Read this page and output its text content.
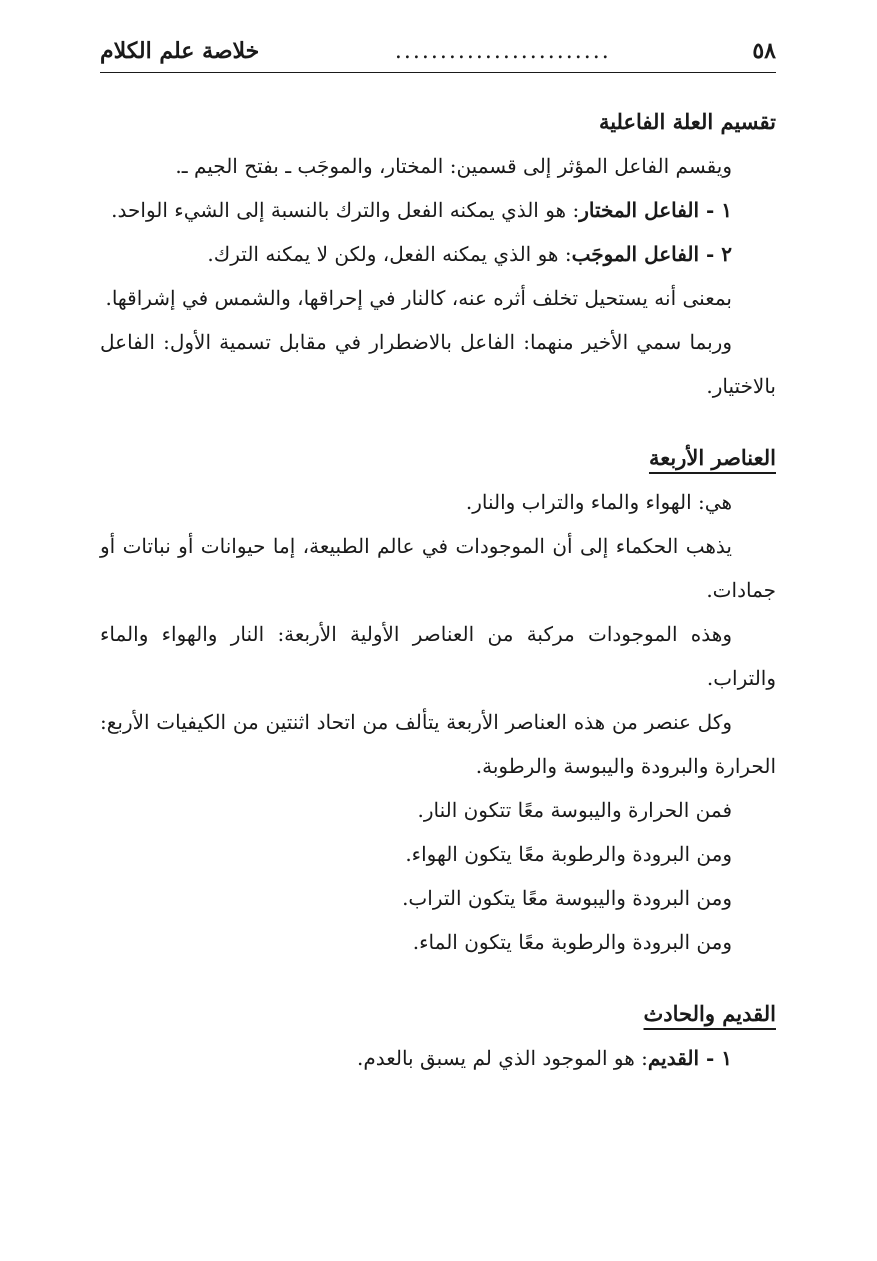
٥٨
........................
خلاصة علم الكلام
تقسيم العلة الفاعلية

ويقسم الفاعل المؤثر إلى قسمين: المختار، والموجَب ـ بفتح الجيم ـ.

١ - الفاعل المختار: هو الذي يمكنه الفعل والترك بالنسبة إلى الشيء الواحد.

٢ - الفاعل الموجَب: هو الذي يمكنه الفعل، ولكن لا يمكنه الترك.

بمعنى أنه يستحيل تخلف أثره عنه، كالنار في إحراقها، والشمس في إشراقها.

وربما سمي الأخير منهما: الفاعل بالاضطرار في مقابل تسمية الأول: الفاعل بالاختيار.

العناصر الأربعة

هي: الهواء والماء والتراب والنار.

يذهب الحكماء إلى أن الموجودات في عالم الطبيعة، إما حيوانات أو نباتات أو جمادات.

وهذه الموجودات مركبة من العناصر الأولية الأربعة: النار والهواء والماء والتراب.

وكل عنصر من هذه العناصر الأربعة يتألف من اتحاد اثنتين من الكيفيات الأربع: الحرارة والبرودة واليبوسة والرطوبة.

فمن الحرارة واليبوسة معًا تتكون النار.

ومن البرودة والرطوبة معًا يتكون الهواء.

ومن البرودة واليبوسة معًا يتكون التراب.

ومن البرودة والرطوبة معًا يتكون الماء.

القديم والحادث

١ - القديم: هو الموجود الذي لم يسبق بالعدم.
